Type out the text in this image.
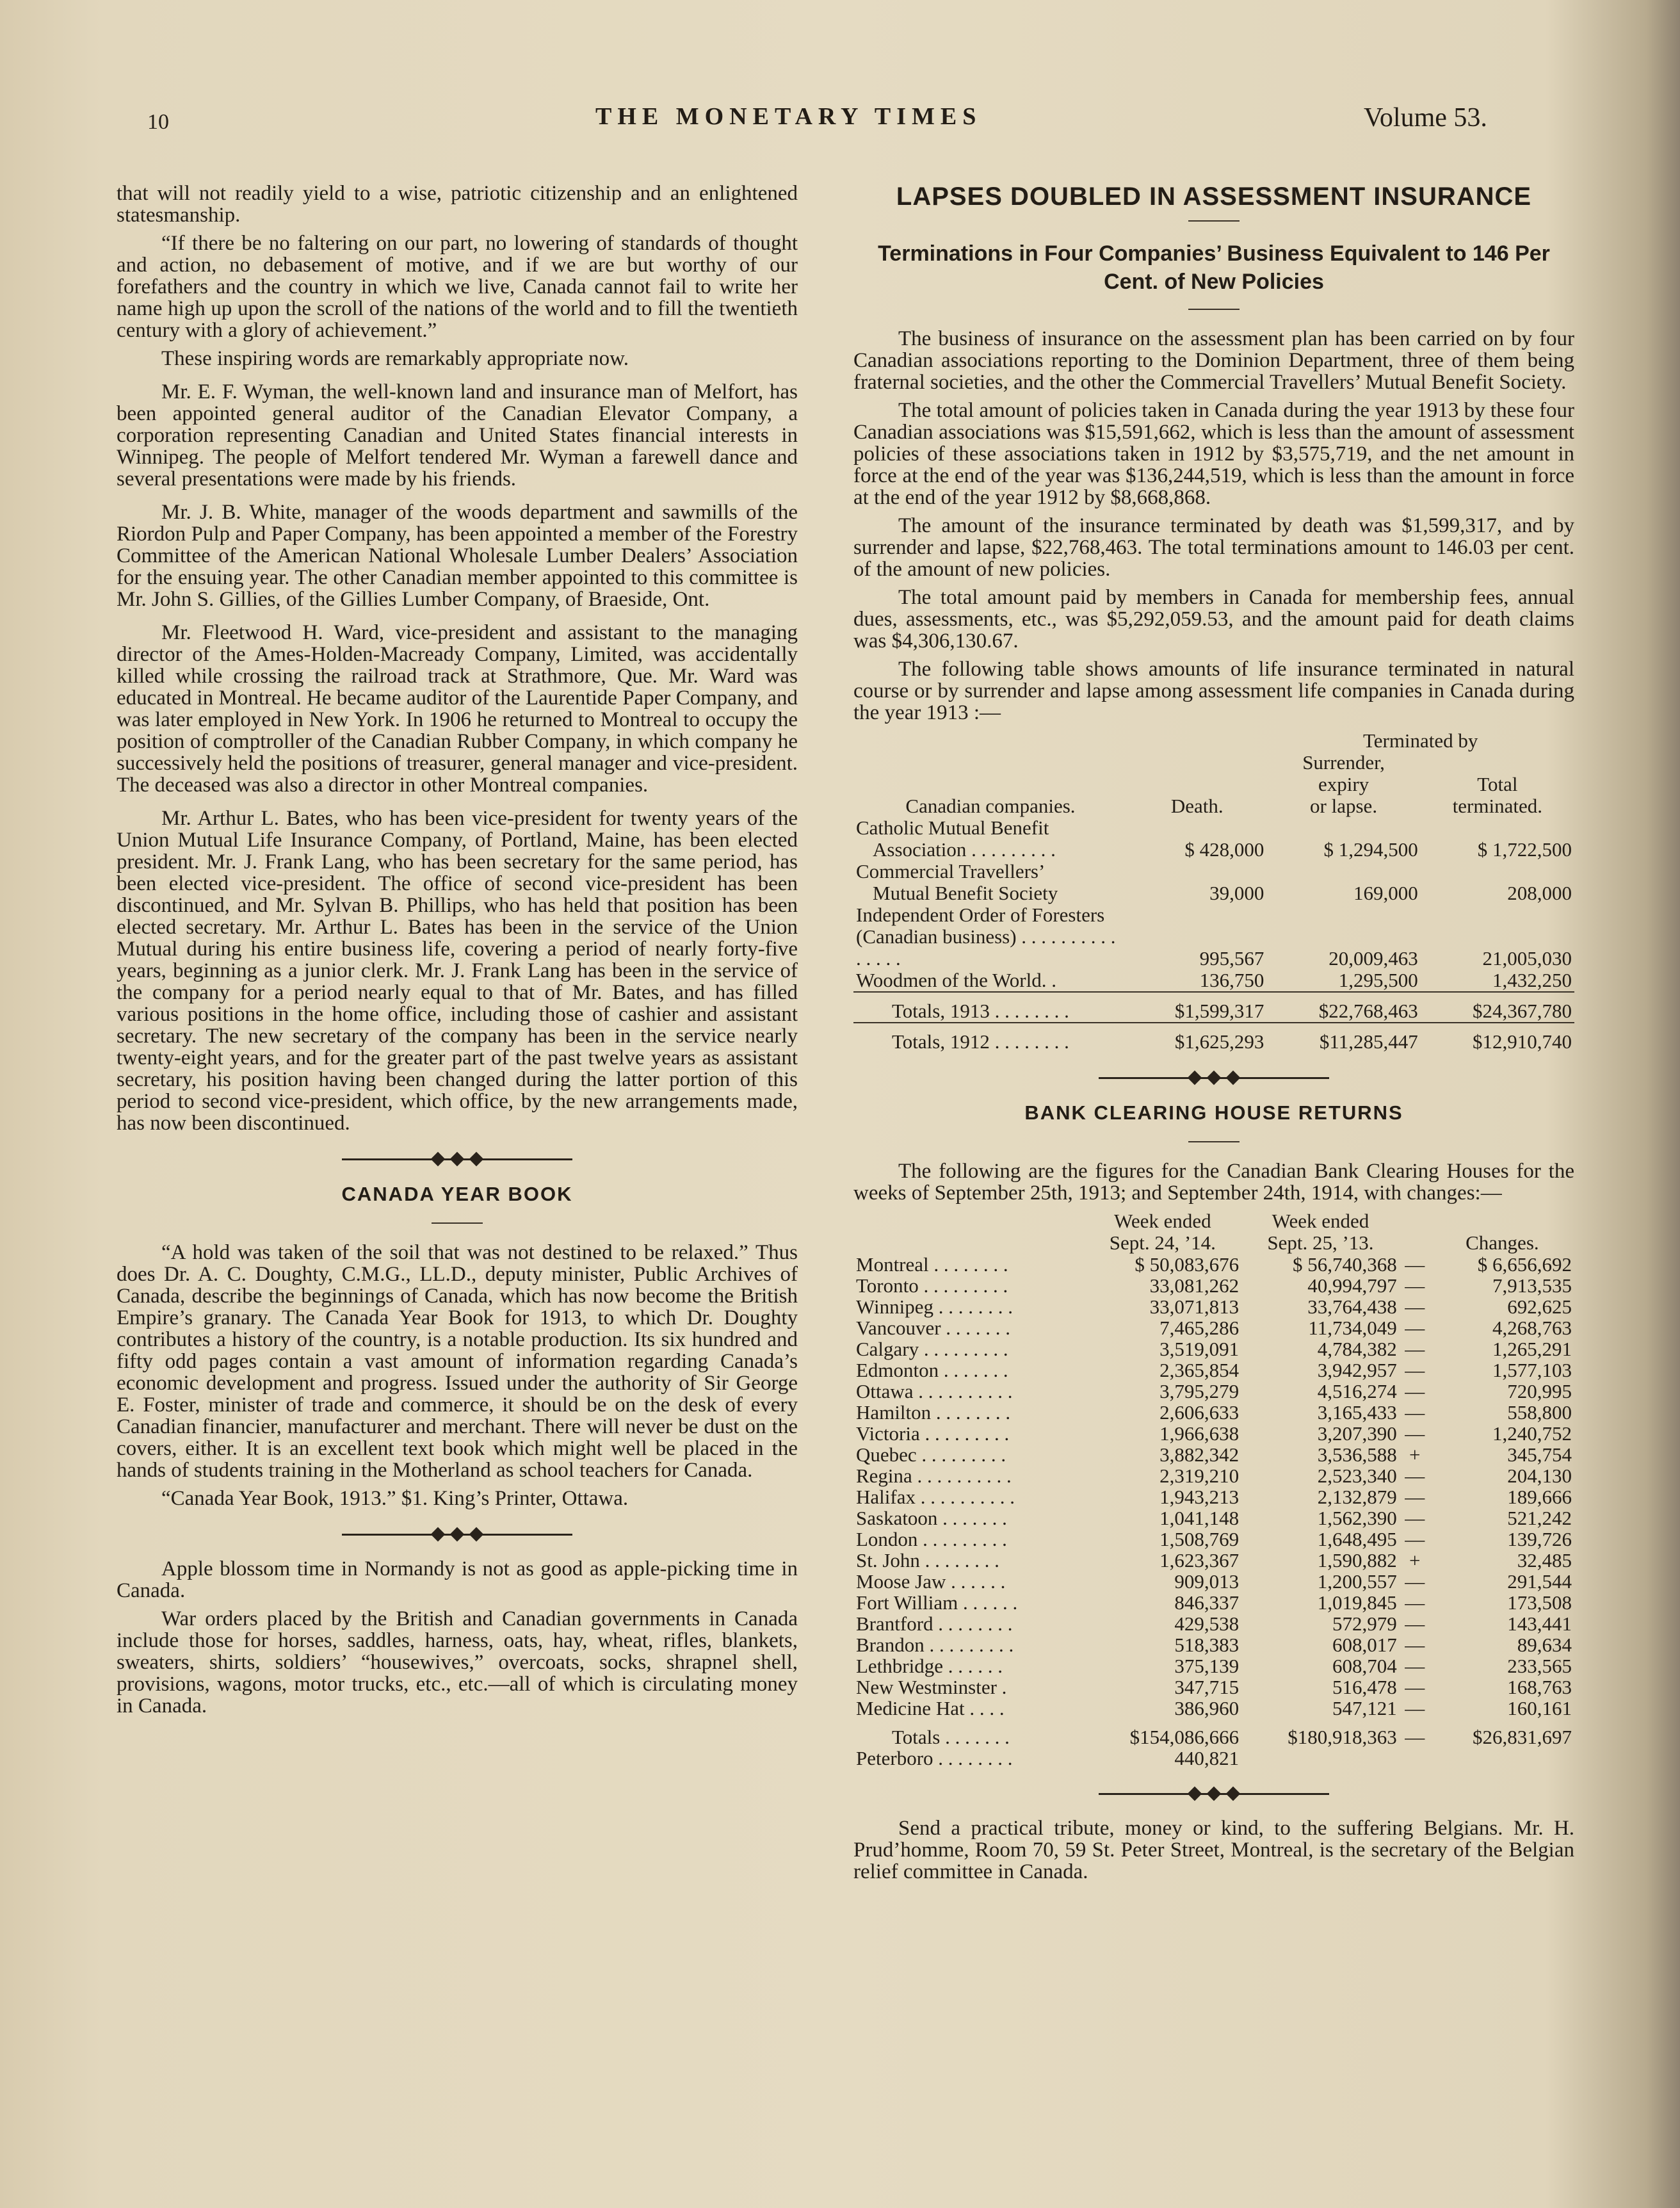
10	THE MONETARY TIMES	Volume 53.

that will not readily yield to a wise, patriotic citizenship and an enlightened statesmanship.

“If there be no faltering on our part, no lowering of standards of thought and action, no debasement of motive, and if we are but worthy of our forefathers and the country in which we live, Canada cannot fail to write her name high up upon the scroll of the nations of the world and to fill the twentieth century with a glory of achievement.”

These inspiring words are remarkably appropriate now.

Mr. E. F. Wyman, the well-known land and insurance man of Melfort, has been appointed general auditor of the Canadian Elevator Company, a corporation representing Canadian and United States financial interests in Winnipeg. The people of Melfort tendered Mr. Wyman a farewell dance and several presentations were made by his friends.

Mr. J. B. White, manager of the woods department and sawmills of the Riordon Pulp and Paper Company, has been appointed a member of the Forestry Committee of the American National Wholesale Lumber Dealers’ Association for the ensuing year. The other Canadian member appointed to this committee is Mr. John S. Gillies, of the Gillies Lumber Company, of Braeside, Ont.

Mr. Fleetwood H. Ward, vice-president and assistant to the managing director of the Ames-Holden-Macready Company, Limited, was accidentally killed while crossing the railroad track at Strathmore, Que. Mr. Ward was educated in Montreal. He became auditor of the Laurentide Paper Company, and was later employed in New York. In 1906 he returned to Montreal to occupy the position of comptroller of the Canadian Rubber Company, in which company he successively held the positions of treasurer, general manager and vice-president. The deceased was also a director in other Montreal companies.

Mr. Arthur L. Bates, who has been vice-president for twenty years of the Union Mutual Life Insurance Company, of Portland, Maine, has been elected president. Mr. J. Frank Lang, who has been secretary for the same period, has been elected vice-president. The office of second vice-president has been discontinued, and Mr. Sylvan B. Phillips, who has held that position has been elected secretary. Mr. Arthur L. Bates has been in the service of the Union Mutual during his entire business life, covering a period of nearly forty-five years, beginning as a junior clerk. Mr. J. Frank Lang has been in the service of the company for a period nearly equal to that of Mr. Bates, and has filled various positions in the home office, including those of cashier and assistant secretary. The new secretary of the company has been in the service nearly twenty-eight years, and for the greater part of the past twelve years as assistant secretary, his position having been changed during the latter portion of this period to second vice-president, which office, by the new arrangements made, has now been discontinued.

CANADA YEAR BOOK

“A hold was taken of the soil that was not destined to be relaxed.” Thus does Dr. A. C. Doughty, C.M.G., LL.D., deputy minister, Public Archives of Canada, describe the beginnings of Canada, which has now become the British Empire’s granary. The Canada Year Book for 1913, to which Dr. Doughty contributes a history of the country, is a notable production. Its six hundred and fifty odd pages contain a vast amount of information regarding Canada’s economic development and progress. Issued under the authority of Sir George E. Foster, minister of trade and commerce, it should be on the desk of every Canadian financier, manufacturer and merchant. There will never be dust on the covers, either. It is an excellent text book which might well be placed in the hands of students training in the Motherland as school teachers for Canada.

“Canada Year Book, 1913.” $1. King’s Printer, Ottawa.

Apple blossom time in Normandy is not as good as apple-picking time in Canada.

War orders placed by the British and Canadian governments in Canada include those for horses, saddles, harness, oats, hay, wheat, rifles, blankets, sweaters, shirts, soldiers’ “housewives,” overcoats, socks, shrapnel shell, provisions, wagons, motor trucks, etc., etc.—all of which is circulating money in Canada.

LAPSES DOUBLED IN ASSESSMENT INSURANCE
Terminations in Four Companies’ Business Equivalent to 146 Per Cent. of New Policies

The business of insurance on the assessment plan has been carried on by four Canadian associations reporting to the Dominion Department, three of them being fraternal societies, and the other the Commercial Travellers’ Mutual Benefit Society.

The total amount of policies taken in Canada during the year 1913 by these four Canadian associations was $15,591,662, which is less than the amount of assessment policies of these associations taken in 1912 by $3,575,719, and the net amount in force at the end of the year was $136,244,519, which is less than the amount in force at the end of the year 1912 by $8,668,868.

The amount of the insurance terminated by death was $1,599,317, and by surrender and lapse, $22,768,463. The total terminations amount to 146.03 per cent. of the amount of new policies.

The total amount paid by members in Canada for membership fees, annual dues, assessments, etc., was $5,292,059.53, and the amount paid for death claims was $4,306,130.67.

The following table shows amounts of life insurance terminated in natural course or by surrender and lapse among assessment life companies in Canada during the year 1913 :—

		Terminated by	
		Surrender,	
		expiry	Total
Canadian companies.	Death.	or lapse.	terminated.
Catholic Mutual Benefit			
Association . . . . . . . . .	$ 428,000	$ 1,294,500	$ 1,722,500
Commercial Travellers’			
Mutual Benefit Society	39,000	169,000	208,000
Independent Order of Foresters (Canadian business) . . . . . . . . . . . . . . .	995,567	20,009,463	21,005,030
Woodmen of the World. .	136,750	1,295,500	1,432,250
Totals, 1913 . . . . . . . .	$1,599,317	$22,768,463	$24,367,780
Totals, 1912 . . . . . . . .	$1,625,293	$11,285,447	$12,910,740
BANK CLEARING HOUSE RETURNS

The following are the figures for the Canadian Bank Clearing Houses for the weeks of September 25th, 1913; and September 24th, 1914, with changes:—

	Week ended	Week ended		
	Sept. 24, ’14.	Sept. 25, ’13.		Changes.
Montreal . . . . . . . .	$ 50,083,676	$ 56,740,368	—	$ 6,656,692
Toronto . . . . . . . . .	33,081,262	40,994,797	—	7,913,535
Winnipeg . . . . . . . .	33,071,813	33,764,438	—	692,625
Vancouver . . . . . . .	7,465,286	11,734,049	—	4,268,763
Calgary . . . . . . . . .	3,519,091	4,784,382	—	1,265,291
Edmonton . . . . . . .	2,365,854	3,942,957	—	1,577,103
Ottawa . . . . . . . . . .	3,795,279	4,516,274	—	720,995
Hamilton . . . . . . . .	2,606,633	3,165,433	—	558,800
Victoria . . . . . . . . .	1,966,638	3,207,390	—	1,240,752
Quebec . . . . . . . . .	3,882,342	3,536,588	+	345,754
Regina . . . . . . . . . .	2,319,210	2,523,340	—	204,130
Halifax . . . . . . . . . .	1,943,213	2,132,879	—	189,666
Saskatoon . . . . . . .	1,041,148	1,562,390	—	521,242
London . . . . . . . . .	1,508,769	1,648,495	—	139,726
St. John . . . . . . . .	1,623,367	1,590,882	+	32,485
Moose Jaw . . . . . .	909,013	1,200,557	—	291,544
Fort William . . . . . .	846,337	1,019,845	—	173,508
Brantford . . . . . . . .	429,538	572,979	—	143,441
Brandon . . . . . . . . .	518,383	608,017	—	89,634
Lethbridge . . . . . .	375,139	608,704	—	233,565
New Westminster .	347,715	516,478	—	168,763
Medicine Hat . . . .	386,960	547,121	—	160,161
Totals . . . . . . .	$154,086,666	$180,918,363	—	$26,831,697
Peterboro . . . . . . . .	440,821			

Send a practical tribute, money or kind, to the suffering Belgians. Mr. H. Prud’homme, Room 70, 59 St. Peter Street, Montreal, is the secretary of the Belgian relief committee in Canada.
